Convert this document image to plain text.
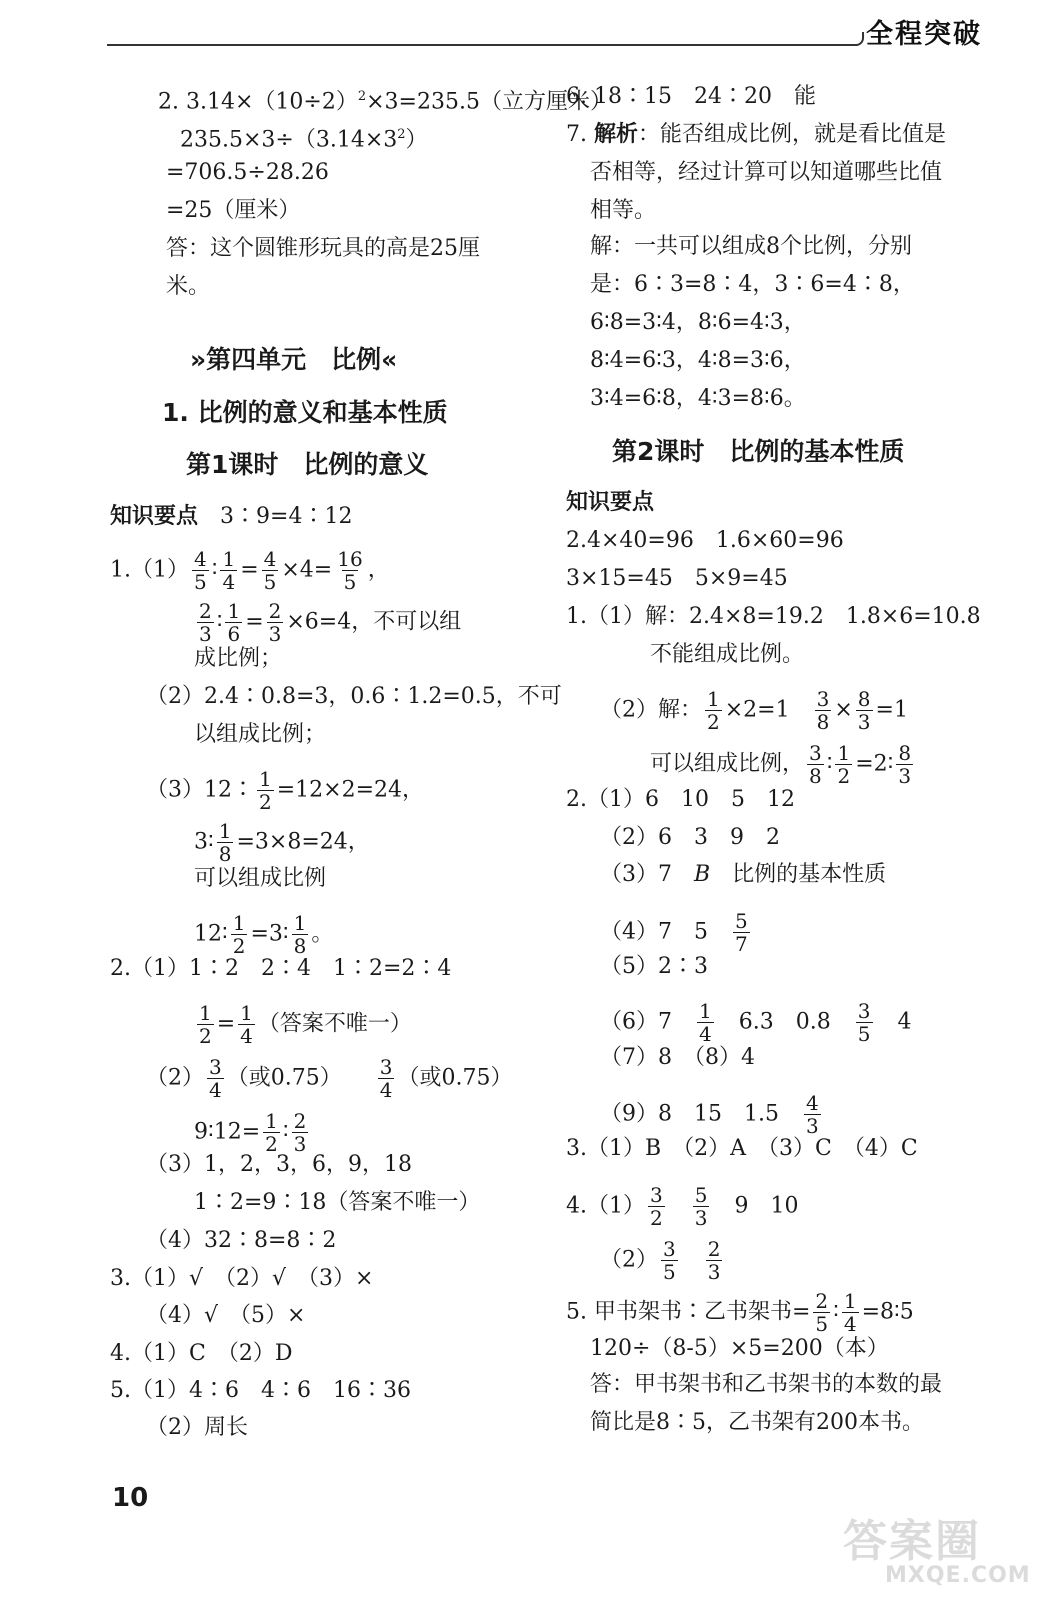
全程突破
2. $3.14\times(10\div 2)^2\times 3=235.5$（立方厘米）
$235.5\times 3\div(3.14\times 3^2)$
=706.5÷28.26
=25（厘米）
答：这个圆锥形玩具的高是25厘
米。
»第四单元　比例«
1. 比例的意义和基本性质
第1课时　比例的意义
知识要点　 3∶9=4∶12
$1.(1) \frac{4}{5}$ ∶ $\frac{1}{4} = \frac{4}{5} \times 4= \frac{16}{5}$ ，
$\frac{2}{3}$ ∶ $\frac{1}{6} = \frac{2}{3} \times 6=4$，不可以组
成比例；
（2）2.4∶0.8=3，0.6∶1.2=0.5，不可
以组成比例；
（3）12∶ $\frac{1}{2} =12\times 2=24$，
3∶ $\frac{1}{8} =3\times 8=24$，
可以组成比例
12∶ $\frac{1}{2}$ =3∶ $\frac{1}{8}$ 。
2.（1）1∶2　2∶4　1∶2=2∶4
$\frac{1}{2} = \frac{1}{4}$ （答案不唯一）
$(2) \frac{3}{4}$ （或0.75）　　 $\frac{3}{4}$ （或0.75）
9∶12= $\frac{1}{2}$ ∶ $\frac{2}{3}$
（3）1，2，3，6，9，18
1∶2=9∶18（答案不唯一）
（4）32∶8=8∶2
3.（1）√　（2）√　（3）×
（4）√　（5）×
4.（1）C　（2）D
5.（1）4∶6　4∶6　16∶36
（2）周长
6. 18∶15　24∶20　能
7. 解析：能否组成比例，就是看比值是
否相等，经过计算可以知道哪些比值
相等。
解：一共可以组成8个比例，分别
是：6∶3=8∶4，3∶6=4∶8，
6∶8=3∶4，8∶6=4∶3，
8∶4=6∶3，4∶8=3∶6，
3∶4=6∶8，4∶3=8∶6。
第2课时　比例的基本性质
知识要点
2.4×40=96　1.6×60=96
3×15=45　5×9=45
1.（1）解：2.4×8=19.2　1.8×6=10.8
不能组成比例。
（2）解： $\frac{1}{2} \times 2=1$　 $\frac{3}{8} \times \frac{8}{3} =1$
可以组成比例， $\frac{3}{8}$ ∶ $\frac{1}{2}$ =2∶ $\frac{8}{3}$
2.（1）6　10　5　12
（2）6　3　9　2
（3）7　B　比例的基本性质
（4）7　5　 $\frac{5}{7}$
（5）2∶3
（6）7　 $\frac{1}{4}$
　 6.3　0.8　 $\frac{3}{5}$
　 4
（7）8　（8）4
（9）8　15　1.5　 $\frac{4}{3}$
3.（1）B　（2）A　（3）C　（4）C
$4.(1) \frac{3}{2}$
　 $\frac{5}{3}$
　 9　10
$(2) \frac{3}{5}$
　 $\frac{2}{3}$
5. 甲书架书∶乙书架书= $\frac{2}{5}$ ∶ $\frac{1}{4}$ =8∶5
120÷（8-5）×5=200（本）
答：甲书架书和乙书架书的本数的最
简比是8∶5，乙书架有200本书。
10
答案圈
MXQE.COM
